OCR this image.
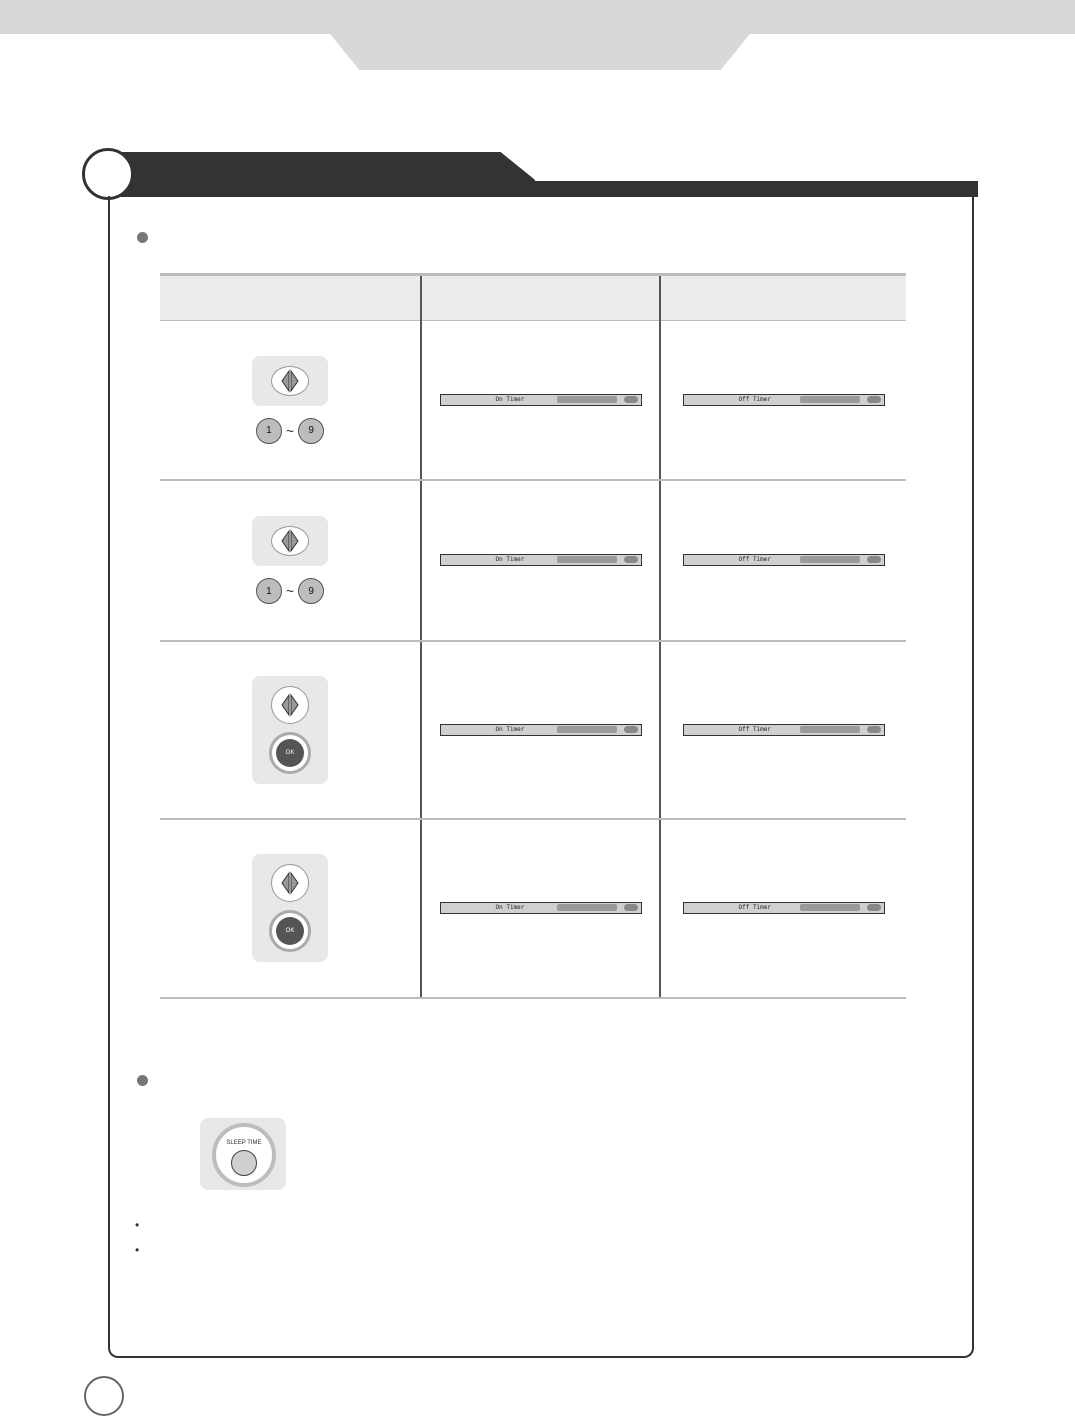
1 ~ 9	On Timer	Off Timer

1 ~ 9	On Timer	Off Timer

OK	On Timer	Off Timer

OK	On Timer	Off Timer
SLEEP TIME
•
•
